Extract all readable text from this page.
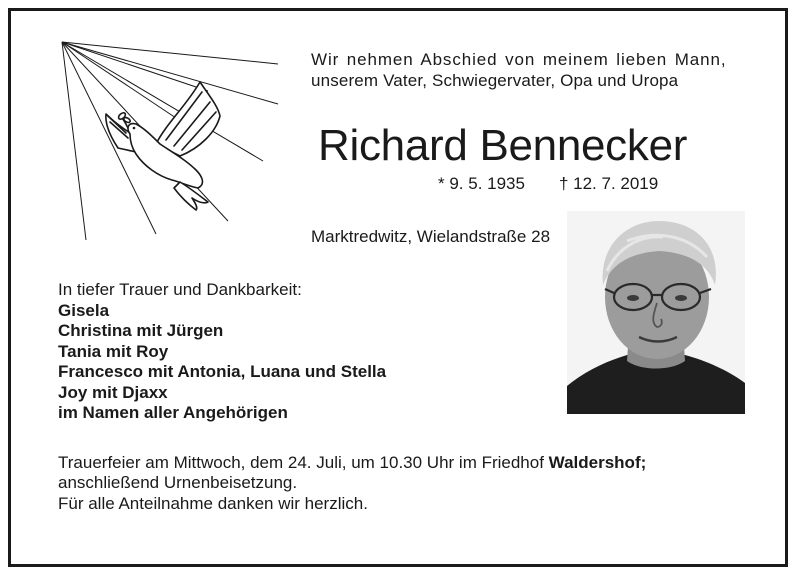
Wir nehmen Abschied von meinem lieben Mann,
unserem Vater, Schwiegervater, Opa und Uropa
Richard Bennecker
* 9. 5. 1935 † 12. 7. 2019
Marktredwitz, Wielandstraße 28
In tiefer Trauer und Dankbarkeit:
Gisela
Christina mit Jürgen
Tania mit Roy
Francesco mit Antonia, Luana und Stella
Joy mit Djaxx
im Namen aller Angehörigen
Trauerfeier am Mittwoch, dem 24. Juli, um 10.30 Uhr im Friedhof Waldershof;
anschließend Urnenbeisetzung.
Für alle Anteilnahme danken wir herzlich.
